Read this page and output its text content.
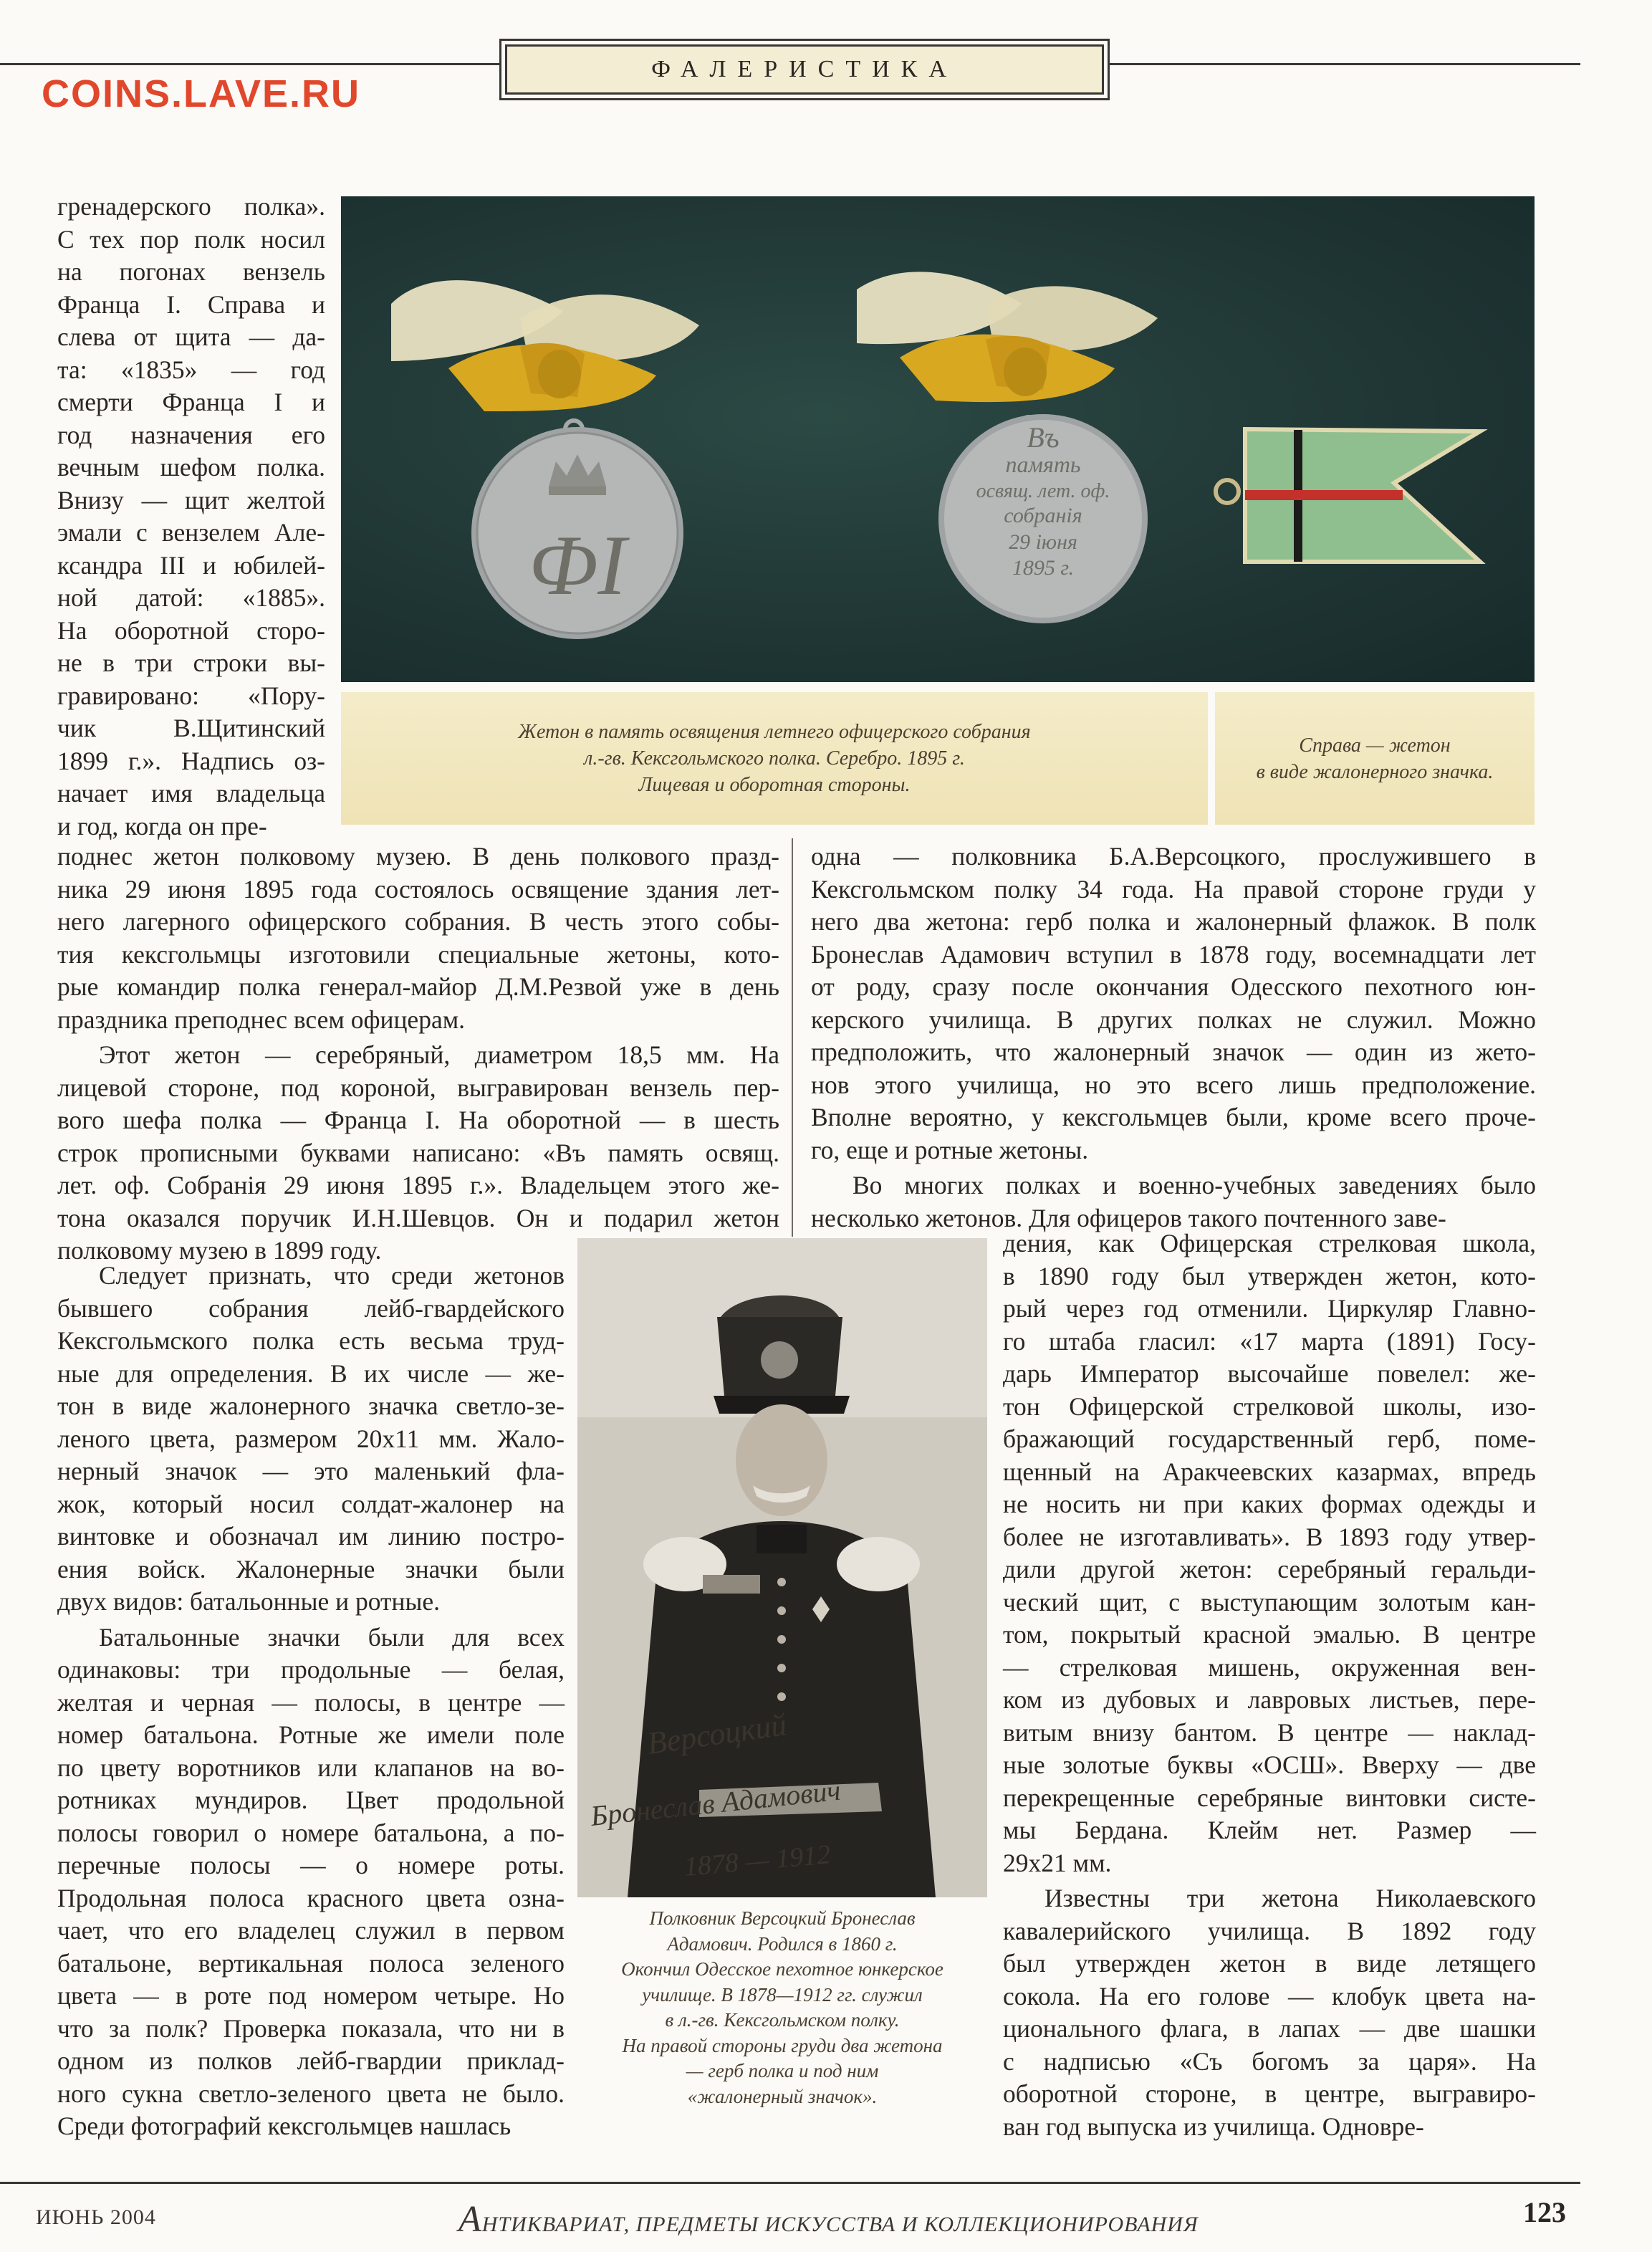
ФАЛЕРИСТИКА
COINS.LAVE.RU
гренадерского полка».
С тех пор полк носил
на погонах вензель
Франца I. Справа и
слева от щита — да-
та: «1835» — год
смерти Франца I и
год назначения его
вечным шефом полка.
Внизу — щит желтой
эмали с вензелем Але-
ксандра III и юбилей-
ной датой: «1885».
На оборотной сторо-
не в три строки вы-
гравировано: «Пору-
чик В.Щитинский
1899 г.». Надпись оз-
начает имя владельца
и год, когда он пре-
ФI
Въ
память
освящ. лет. оф.
собранія
29 іюня
1895 г.
Жетон в память освящения летнего офицерского собрания
л.-гв. Кексгольмского полка. Серебро. 1895 г.
Лицевая и оборотная стороны.
Справа — жетон
в виде жалонерного значка.
поднес жетон полковому музею. В день полкового празд-
ника 29 июня 1895 года состоялось освящение здания лет-
него лагерного офицерского собрания. В честь этого собы-
тия кексгольмцы изготовили специальные жетоны, кото-
рые командир полка генерал-майор Д.М.Резвой уже в день
праздника преподнес всем офицерам.
Этот жетон — серебряный, диаметром 18,5 мм. На
лицевой стороне, под короной, выгравирован вензель пер-
вого шефа полка — Франца I. На оборотной — в шесть
строк прописными буквами написано: «Въ память освящ.
лет. оф. Собранія 29 июня 1895 г.». Владельцем этого же-
тона оказался поручик И.Н.Шевцов. Он и подарил жетон
полковому музею в 1899 году.
Следует признать, что среди жетонов
бывшего собрания лейб-гвардейского
Кексгольмского полка есть весьма труд-
ные для определения. В их числе — же-
тон в виде жалонерного значка светло-зе-
леного цвета, размером 20х11 мм. Жало-
нерный значок — это маленький фла-
жок, который носил солдат-жалонер на
винтовке и обозначал им линию постро-
ения войск. Жалонерные значки были
двух видов: батальонные и ротные.
Батальонные значки были для всех
одинаковы: три продольные — белая,
желтая и черная — полосы, в центре —
номер батальона. Ротные же имели поле
по цвету воротников или клапанов на во-
ротниках мундиров. Цвет продольной
полосы говорил о номере батальона, а по-
перечные полосы — о номере роты.
Продольная полоса красного цвета озна-
чает, что его владелец служил в первом
батальоне, вертикальная полоса зеленого
цвета — в роте под номером четыре. Но
что за полк? Проверка показала, что ни в
одном из полков лейб-гвардии приклад-
ного сукна светло-зеленого цвета не было.
Среди фотографий кексгольмцев нашлась
одна — полковника Б.А.Версоцкого, прослужившего в
Кексгольмском полку 34 года. На правой стороне груди у
него два жетона: герб полка и жалонерный флажок. В полк
Бронеслав Адамович вступил в 1878 году, восемнадцати лет
от роду, сразу после окончания Одесского пехотного юн-
керского училища. В других полках не служил. Можно
предположить, что жалонерный значок — один из жето-
нов этого училища, но это всего лишь предположение.
Вполне вероятно, у кексгольмцев были, кроме всего проче-
го, еще и ротные жетоны.
Во многих полках и военно-учебных заведениях было
несколько жетонов. Для офицеров такого почтенного заве-
дения, как Офицерская стрелковая школа,
в 1890 году был утвержден жетон, кото-
рый через год отменили. Циркуляр Главно-
го штаба гласил: «17 марта (1891) Госу-
дарь Император высочайше повелел: же-
тон Офицерской стрелковой школы, изо-
бражающий государственный герб, поме-
щенный на Аракчеевских казармах, впредь
не носить ни при каких формах одежды и
более не изготавливать». В 1893 году утвер-
дили другой жетон: серебряный геральди-
ческий щит, с выступающим золотым кан-
том, покрытый красной эмалью. В центре
— стрелковая мишень, окруженная вен-
ком из дубовых и лавровых листьев, пере-
витым внизу бантом. В центре — наклад-
ные золотые буквы «ОСШ». Вверху — две
перекрещенные серебряные винтовки систе-
мы Бердана. Клейм нет. Размер —
29х21 мм.
Известны три жетона Николаевского
кавалерийского училища. В 1892 году
был утвержден жетон в виде летящего
сокола. На его голове — клобук цвета на-
ционального флага, в лапах — две шашки
с надписью «Съ богомъ за царя». На
оборотной стороне, в центре, выгравиро-
ван год выпуска из училища. Одновре-
Версоцкий
Бронеслав Адамович
1878 — 1912
Полковник Версоцкий Бронеслав
Адамович. Родился в 1860 г.
Окончил Одесское пехотное юнкерское
училище. В 1878—1912 гг. служил
в л.-гв. Кексгольмском полку.
На правой стороны груди два жетона
— герб полка и под ним
«жалонерный значок».
ИЮНЬ 2004	АНТИКВАРИАТ, ПРЕДМЕТЫ ИСКУССТВА И КОЛЛЕКЦИОНИРОВАНИЯ	123
